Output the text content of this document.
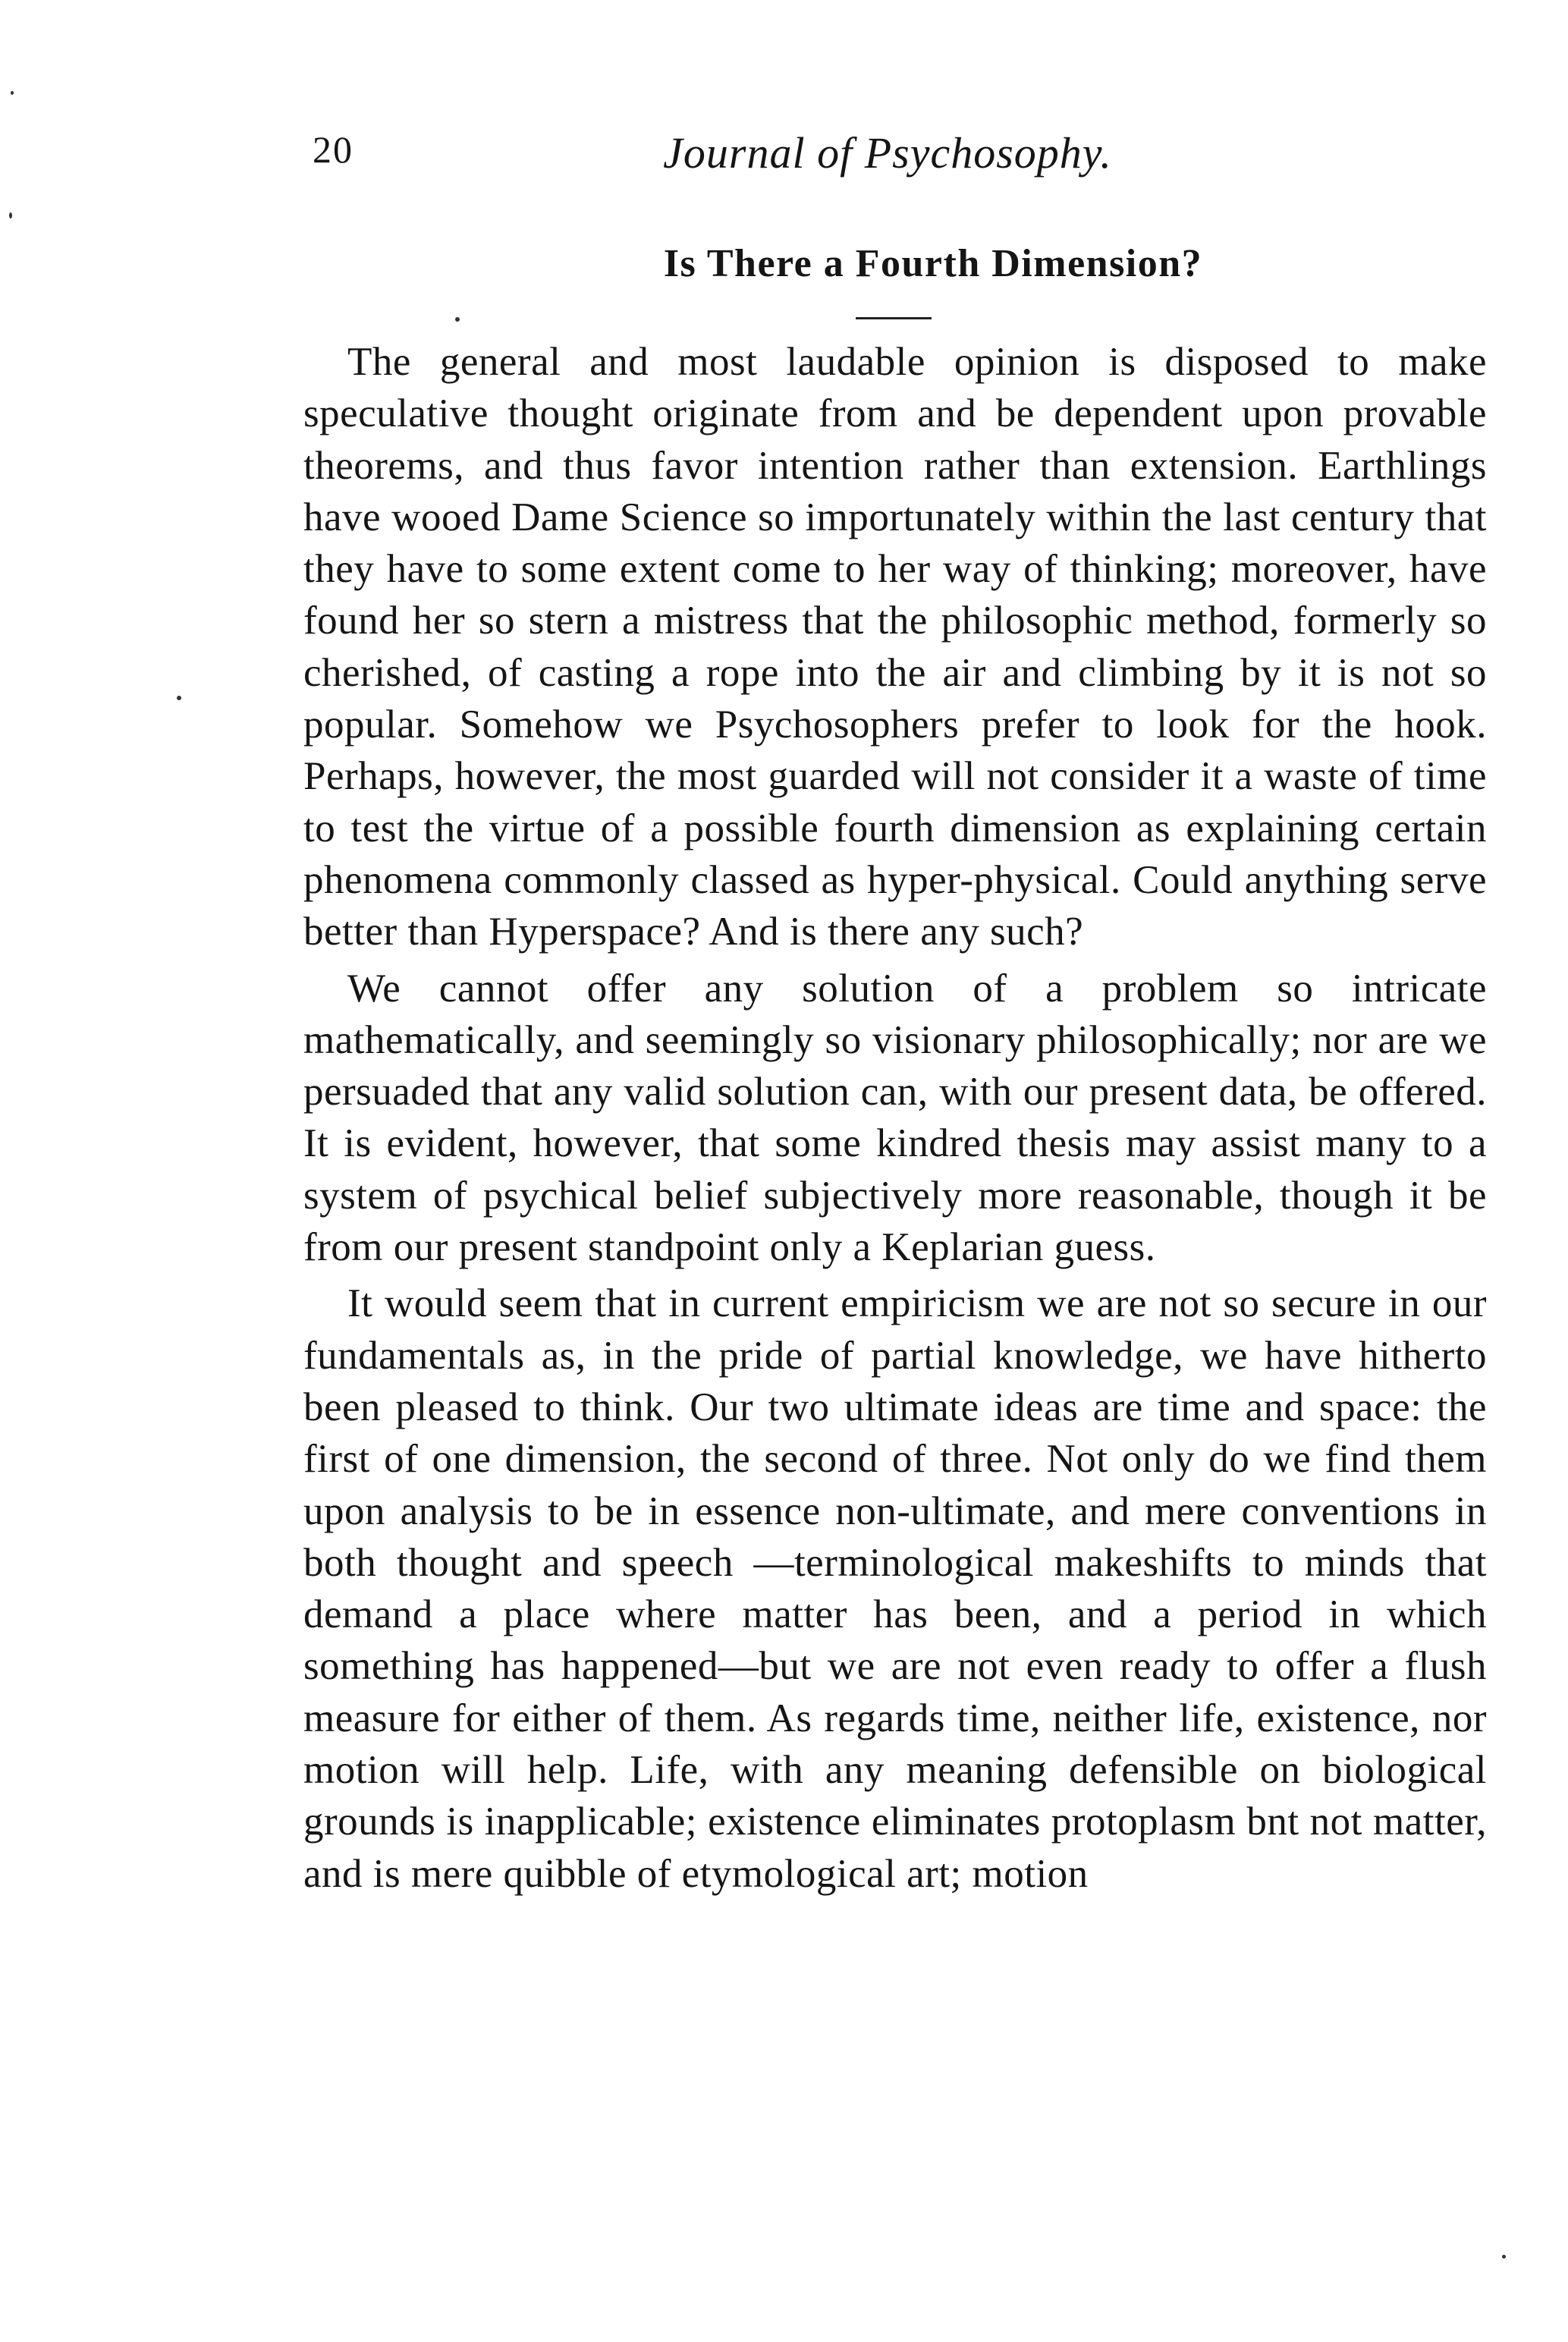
20	Journal of Psychosophy.
Is There a Fourth Dimension?

The general and most laudable opinion is disposed to make speculative thought originate from and be dependent upon provable theorems, and thus favor intention rather than extension. Earthlings have wooed Dame Science so importunately within the last century that they have to some extent come to her way of thinking; moreover, have found her so stern a mistress that the philosophic method, formerly so cherished, of casting a rope into the air and climbing by it is not so popular. Somehow we Psychosophers prefer to look for the hook. Perhaps, however, the most guarded will not consider it a waste of time to test the virtue of a possible fourth dimension as explaining certain phenomena commonly classed as hyper-physical. Could anything serve better than Hyperspace? And is there any such?

We cannot offer any solution of a problem so intricate mathematically, and seemingly so visionary philosophically; nor are we persuaded that any valid solution can, with our present data, be offered. It is evident, however, that some kindred thesis may assist many to a system of psychical belief subjectively more reasonable, though it be from our present standpoint only a Keplarian guess.

It would seem that in current empiricism we are not so secure in our fundamentals as, in the pride of partial knowledge, we have hitherto been pleased to think. Our two ultimate ideas are time and space: the first of one dimension, the second of three. Not only do we find them upon analysis to be in essence non-ultimate, and mere conventions in both thought and speech —terminological makeshifts to minds that demand a place where matter has been, and a period in which something has happened—but we are not even ready to offer a flush measure for either of them. As regards time, neither life, existence, nor motion will help. Life, with any meaning defensible on biological grounds is inapplicable; existence eliminates protoplasm bnt not matter, and is mere quibble of etymological art; motion
